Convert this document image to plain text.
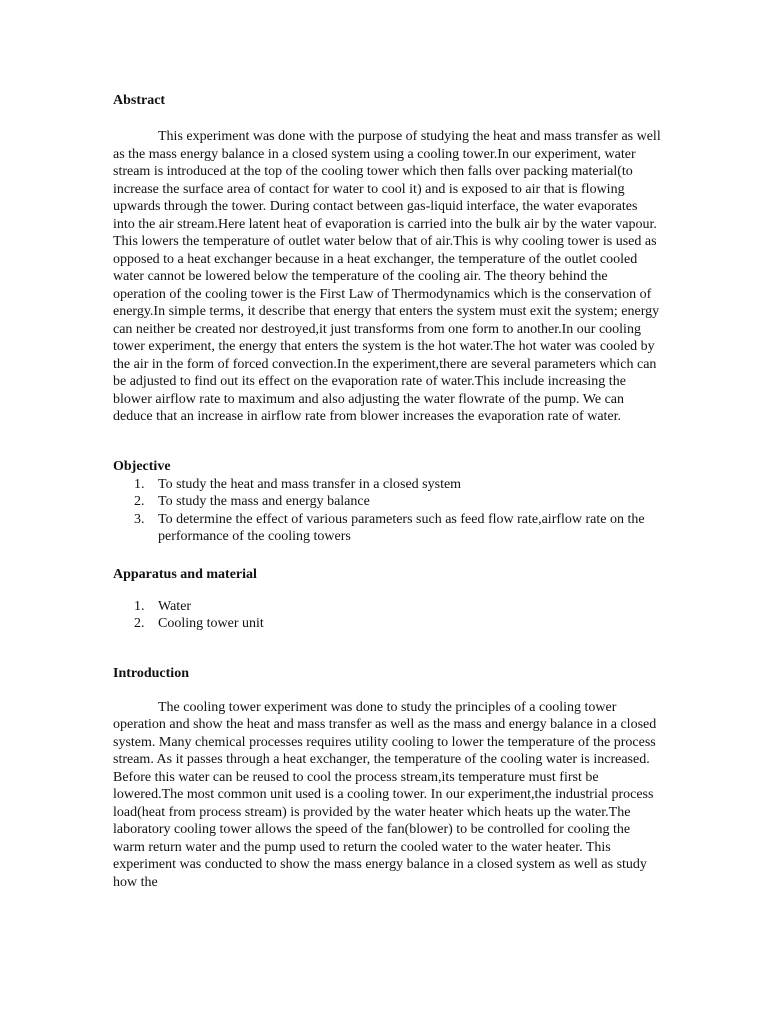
Abstract

This experiment was done with the purpose of studying the heat and mass transfer as well as the mass energy balance in a closed system using a cooling tower.In our experiment, water stream is introduced at the top of the cooling tower which then falls over packing material(to increase the surface area of contact for water to cool it) and is exposed to air that is flowing upwards through the tower. During contact between gas-liquid interface, the water evaporates into the air stream.Here latent heat of evaporation is carried into the bulk air by the water vapour. This lowers the temperature of outlet water below that of air.This is why cooling tower is used as opposed to a heat exchanger because in a heat exchanger, the temperature of the outlet cooled water cannot be lowered below the temperature of the cooling air. The theory behind the operation of the cooling tower is the First Law of Thermodynamics which is the conservation of energy.In simple terms, it describe that energy that enters the system must exit the system; energy can neither be created nor destroyed,it just transforms from one form to another.In our cooling tower experiment, the energy that enters the system is the hot water.The hot water was cooled by the air in the form of forced convection.In the experiment,there are several parameters which can be adjusted to find out its effect on the evaporation rate of water.This include increasing the blower airflow rate to maximum and also adjusting the water flowrate of the pump. We can deduce that an increase in airflow rate from blower increases the evaporation rate of water.

Objective
1. To study the heat and mass transfer in a closed system
2. To study the mass and energy balance
3. To determine the effect of various parameters such as feed flow rate,airflow rate on the performance of the cooling towers
Apparatus and material
1. Water
2. Cooling tower unit
Introduction

The cooling tower experiment was done to study the principles of a cooling tower operation and show the heat and mass transfer as well as the mass and energy balance in a closed system. Many chemical processes requires utility cooling to lower the temperature of the process stream. As it passes through a heat exchanger, the temperature of the cooling water is increased. Before this water can be reused to cool the process stream,its temperature must first be lowered.The most common unit used is a cooling tower. In our experiment,the industrial process load(heat from process stream) is provided by the water heater which heats up the water.The laboratory cooling tower allows the speed of the fan(blower) to be controlled for cooling the warm return water and the pump used to return the cooled water to the water heater. This experiment was conducted to show the mass energy balance in a closed system as well as study how the
